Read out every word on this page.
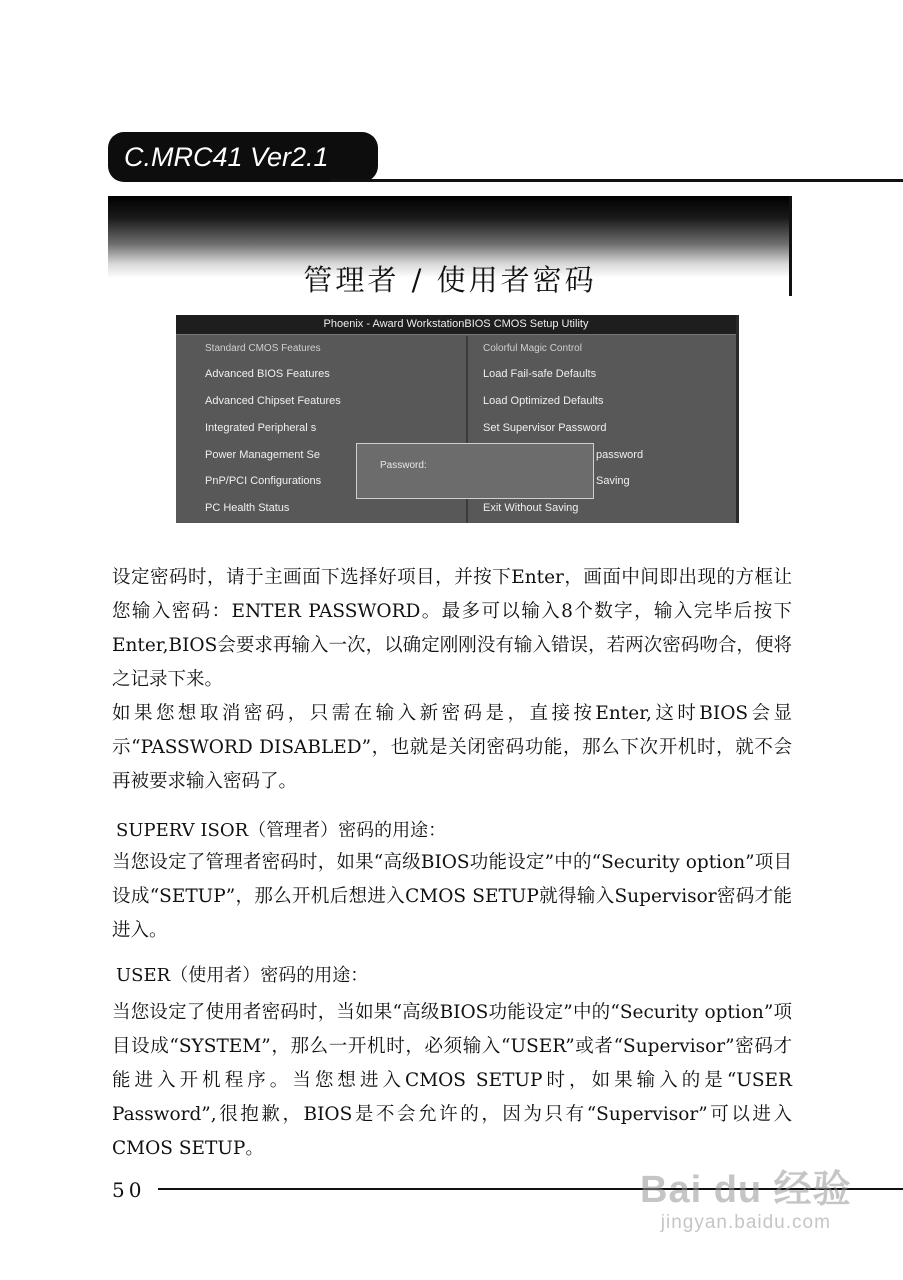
C.MRC41 Ver2.1
管理者 / 使用者密码
Phoenix - Award WorkstationBIOS CMOS Setup Utility
Standard CMOS Features
Advanced BIOS Features
Advanced Chipset Features
Integrated Peripheral s
Power Management Se
PnP/PCI Configurations
PC Health Status
Colorful Magic Control
Load Fail-safe Defaults
Load Optimized Defaults
Set Supervisor Password
password
Saving
Exit Without Saving
Password:

设定密码时，请于主画面下选择好项目，并按下Enter，画面中间即出现的方框让您输入密码：ENTER PASSWORD。最多可以输入8个数字，输入完毕后按下Enter,BIOS会要求再输入一次，以确定刚刚没有输入错误，若两次密码吻合，便将之记录下来。

如果您想取消密码，只需在输入新密码是，直接按Enter,这时BIOS会显示“PASSWORD DISABLED”，也就是关闭密码功能，那么下次开机时，就不会再被要求输入密码了。

SUPERV ISOR（管理者）密码的用途：

当您设定了管理者密码时，如果“高级BIOS功能设定”中的“Security option”项目设成“SETUP”，那么开机后想进入CMOS SETUP就得输入Supervisor密码才能进入。

USER（使用者）密码的用途：

当您设定了使用者密码时，当如果“高级BIOS功能设定”中的“Security option”项目设成“SYSTEM”，那么一开机时，必须输入“USER”或者“Supervisor”密码才能进入开机程序。当您想进入CMOS SETUP时，如果输入的是“USER Password”,很抱歉，BIOS是不会允许的，因为只有“Supervisor”可以进入CMOS SETUP。

50	Bai du 经验
jingyan.baidu.com
